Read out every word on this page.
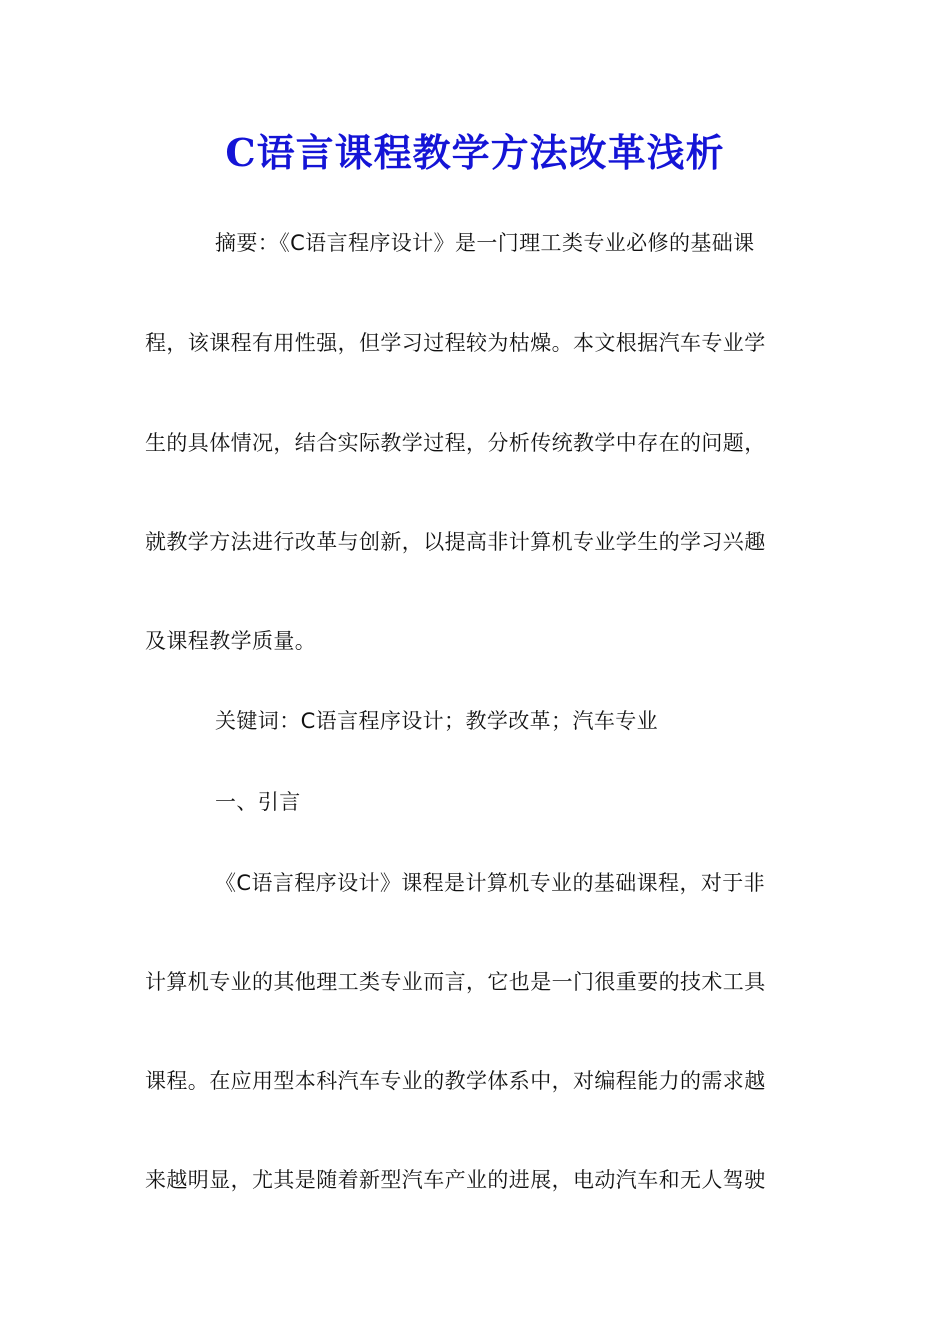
C语言课程教学方法改革浅析
摘要：《C语言程序设计》是一门理工类专业必修的基础课
程，该课程有用性强，但学习过程较为枯燥。本文根据汽车专业学
生的具体情况，结合实际教学过程，分析传统教学中存在的问题，
就教学方法进行改革与创新，以提高非计算机专业学生的学习兴趣
及课程教学质量。
关键词：C语言程序设计；教学改革；汽车专业
一、引言
《C语言程序设计》课程是计算机专业的基础课程，对于非
计算机专业的其他理工类专业而言，它也是一门很重要的技术工具
课程。在应用型本科汽车专业的教学体系中，对编程能力的需求越
来越明显，尤其是随着新型汽车产业的进展，电动汽车和无人驾驶
